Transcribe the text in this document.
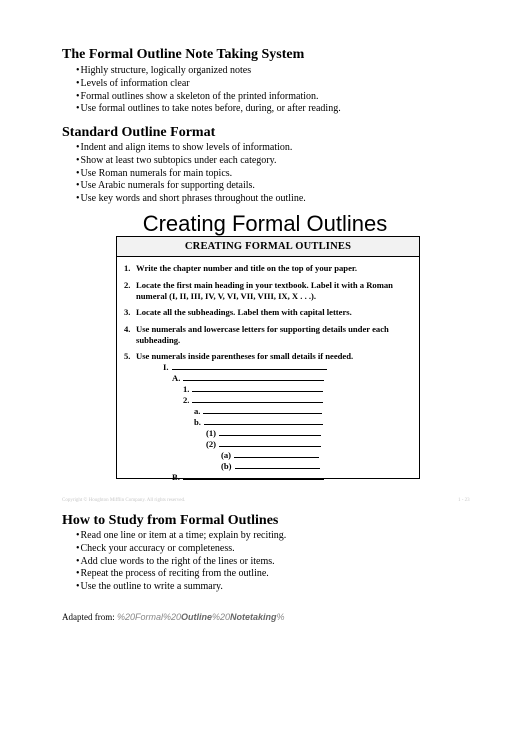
The Formal Outline Note Taking System
• Highly structure, logically organized notes
• Levels of information clear
• Formal outlines show a skeleton of the printed information.
• Use formal outlines to take notes before, during, or after reading.
Standard Outline Format
• Indent and align items to show levels of information.
• Show at least two subtopics under each category.
• Use Roman numerals for main topics.
• Use Arabic numerals for supporting details.
• Use key words and short phrases throughout the outline.
Creating Formal Outlines
CREATING FORMAL OUTLINES
1. Write the chapter number and title on the top of your paper.
2. Locate the first main heading in your textbook. Label it with a Roman numeral (I, II, III, IV, V, VI, VII, VIII, IX, X . . .).
3. Locate all the subheadings. Label them with capital letters.
4. Use numerals and lowercase letters for supporting details under each subheading.
5. Use numerals inside parentheses for small details if needed.
I.
A.
1.
2.
a.
b.
(1)
(2)
(a)
(b)
B.
Copyright © Houghton Mifflin Company. All rights reserved.	1 - 23
How to Study from Formal Outlines
• Read one line or item at a time; explain by reciting.
• Check your accuracy or completeness.
• Add clue words to the right of the lines or items.
• Repeat the process of reciting from the outline.
• Use the outline to write a summary.
Adapted from: %20Formal%20Outline%20Notetaking%
